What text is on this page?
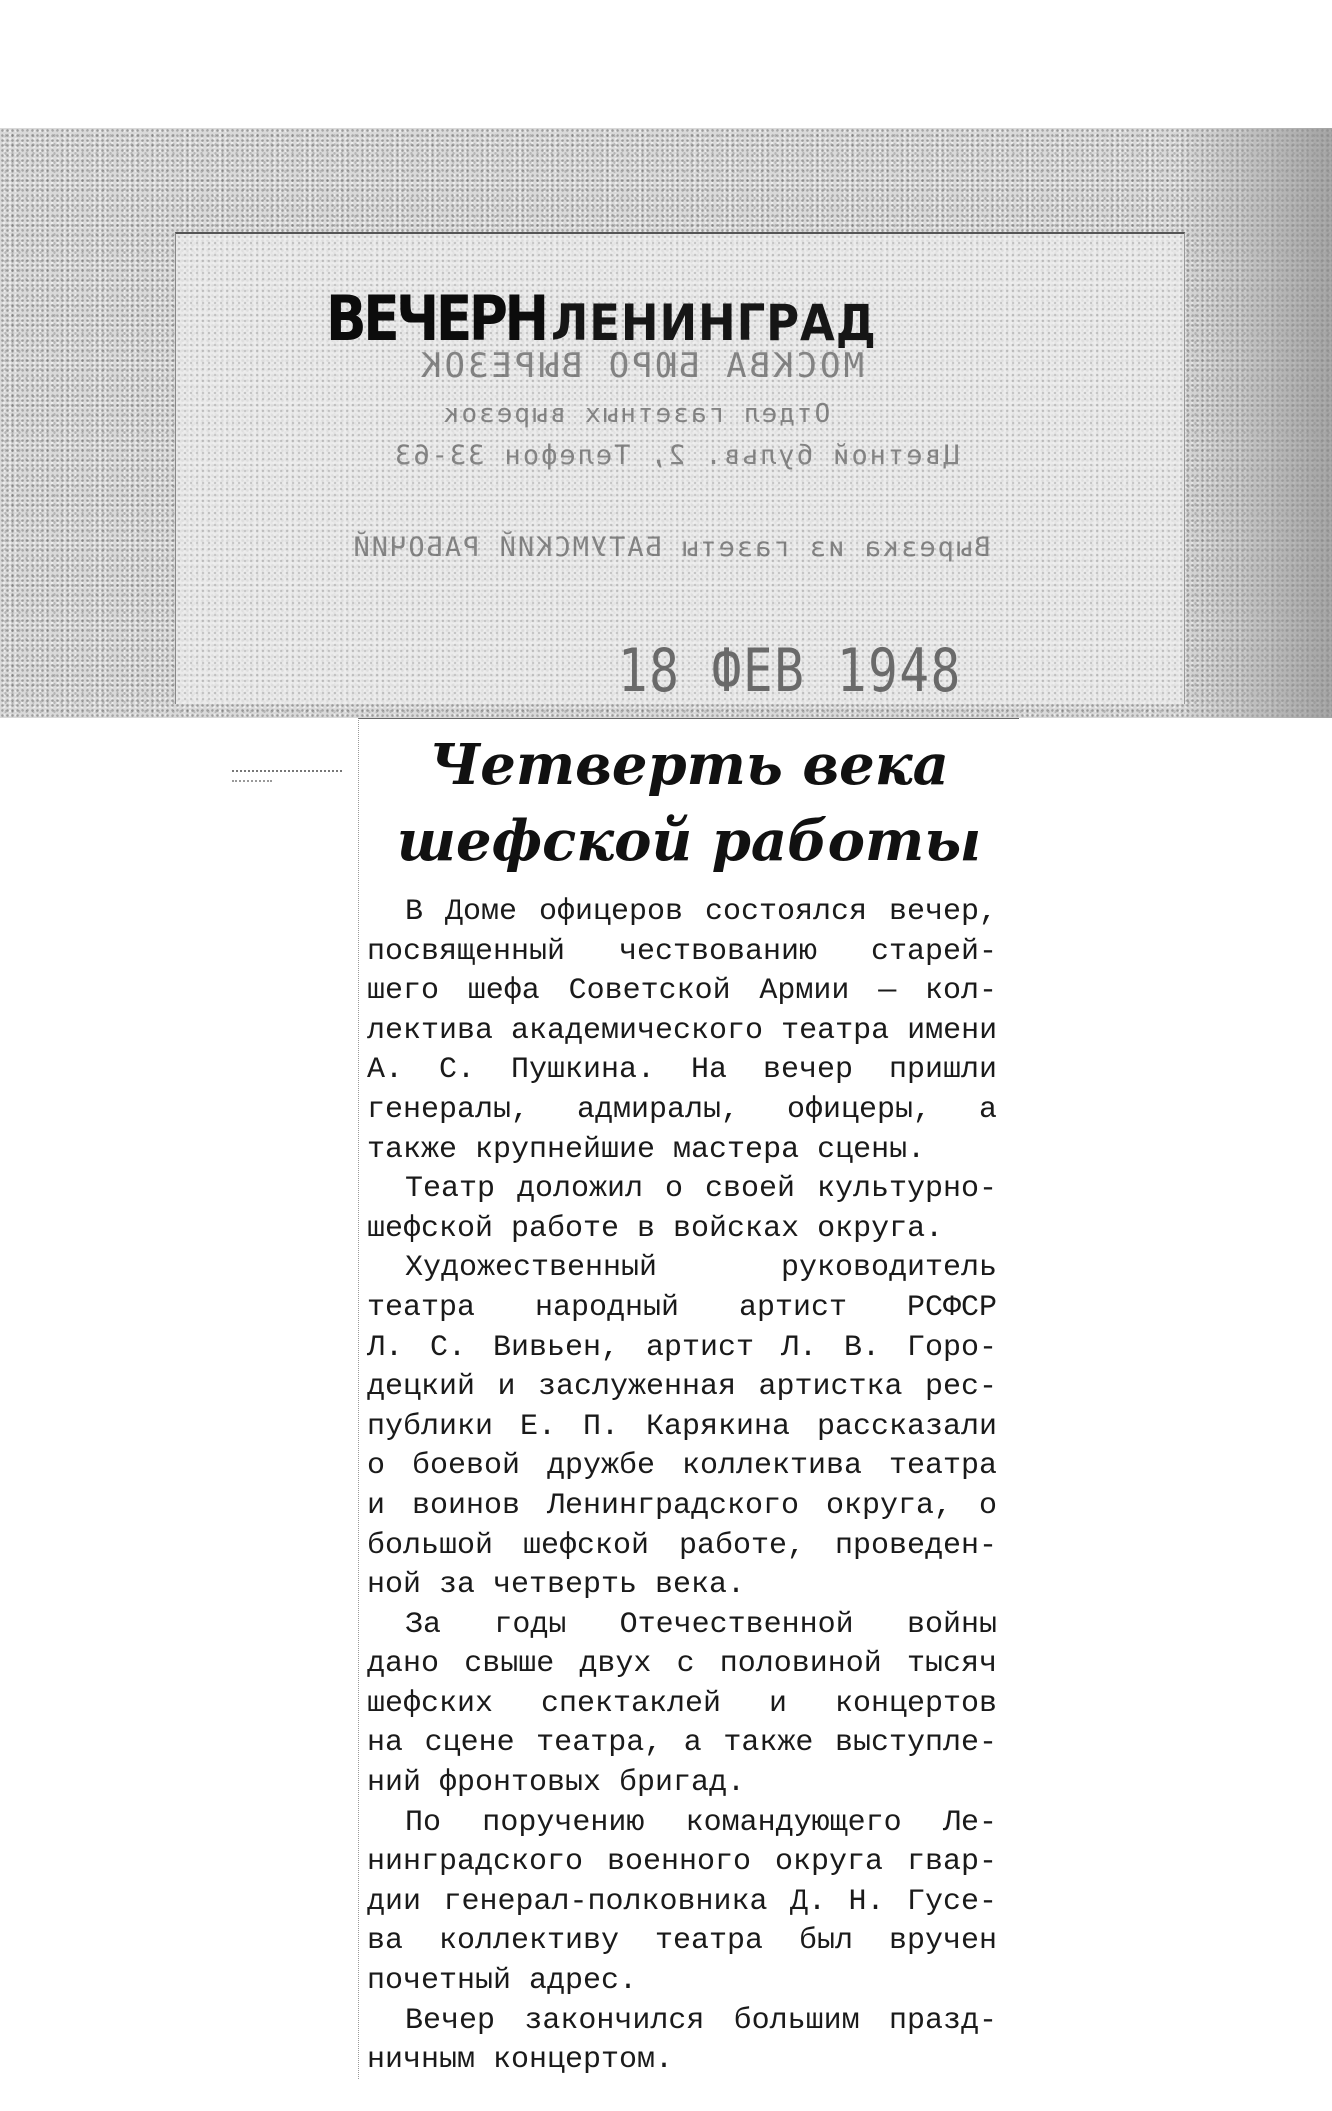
ВЕЧЕРН ЛЕНИНГРАД
МОСКВА БЮРО ВЫРЕЗОК
Отдел газетных вырезок
Цветной бульв. 2, Телефон 33-63
Вырезка из газеты БАТУМСКИЙ РАБОЧИЙ
18 ФЕВ 1948
Четверть века
шефской работы
В Доме офицеров состоялся вечер,
посвященный чествованию старей-
шего шефа Советской Армии — кол-
лектива академического театра имени
А. С. Пушкина. На вечер пришли
генералы, адмиралы, офицеры, а
также крупнейшие мастера сцены.
Театр доложил о своей культурно-
шефской работе в войсках округа.
Художественный руководитель
театра народный артист РСФСР
Л. С. Вивьен, артист Л. В. Горо-
децкий и заслуженная артистка рес-
публики Е. П. Карякина рассказали
о боевой дружбе коллектива театра
и воинов Ленинградского округа, о
большой шефской работе, проведен-
ной за четверть века.
За годы Отечественной войны
дано свыше двух с половиной тысяч
шефских спектаклей и концертов
на сцене театра, а также выступле-
ний фронтовых бригад.
По поручению командующего Ле-
нинградского военного округа гвар-
дии генерал-полковника Д. Н. Гусе-
ва коллективу театра был вручен
почетный адрес.
Вечер закончился большим празд-
ничным концертом.
